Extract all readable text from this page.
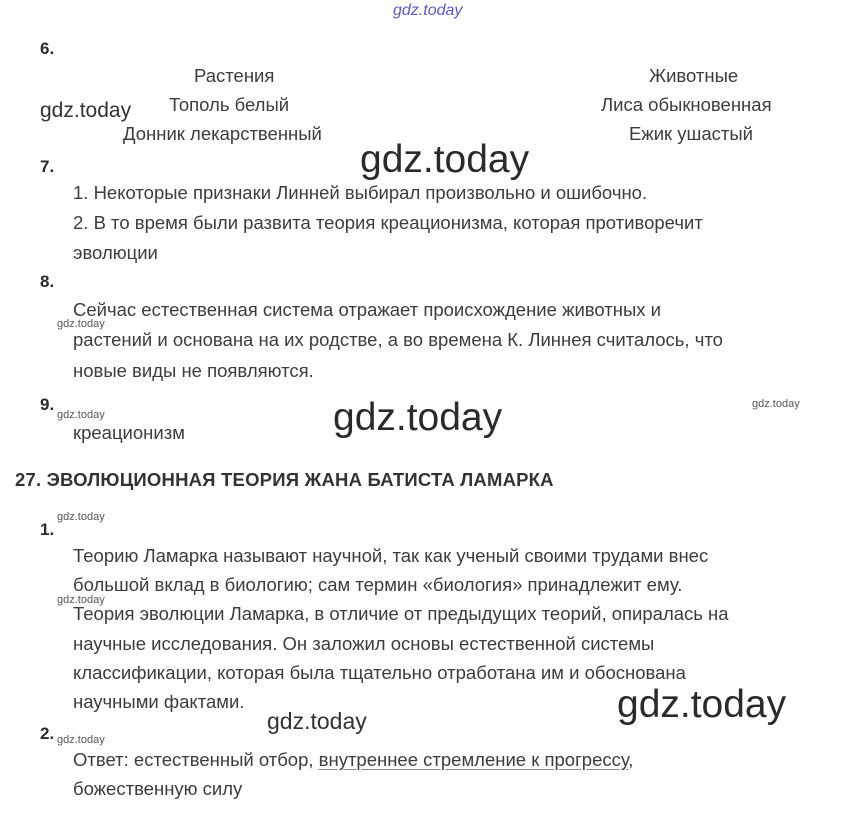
gdz.today
gdz.today
gdz.today
gdz.today
gdz.today
gdz.today
gdz.today
gdz.today
gdz.today
gdz.today
gdz.today
gdz.today
6.
Растения	Животные
Тополь белый
Донник лекарственный
Лиса обыкновенная
Ежик ушастый
7.
1. Некоторые признаки Линней выбирал произвольно и ошибочно.
2. В то время были развита теория креационизма, которая противоречит
эволюции
8.
Сейчас естественная система отражает происхождение животных и
растений и основана на их родстве, а во времена К. Линнея считалось, что
новые виды не появляются.
9.
креационизм
27. ЭВОЛЮЦИОННАЯ ТЕОРИЯ ЖАНА БАТИСТА ЛАМАРКА
1.
Теорию Ламарка называют научной, так как ученый своими трудами внес
большой вклад в биологию; сам термин «биология» принадлежит ему.
Теория эволюции Ламарка, в отличие от предыдущих теорий, опиралась на
научные исследования. Он заложил основы естественной системы
классификации, которая была тщательно отработана им и обоснована
научными фактами.
2.
Ответ: естественный отбор, внутреннее стремление к прогрессу,
божественную силу
